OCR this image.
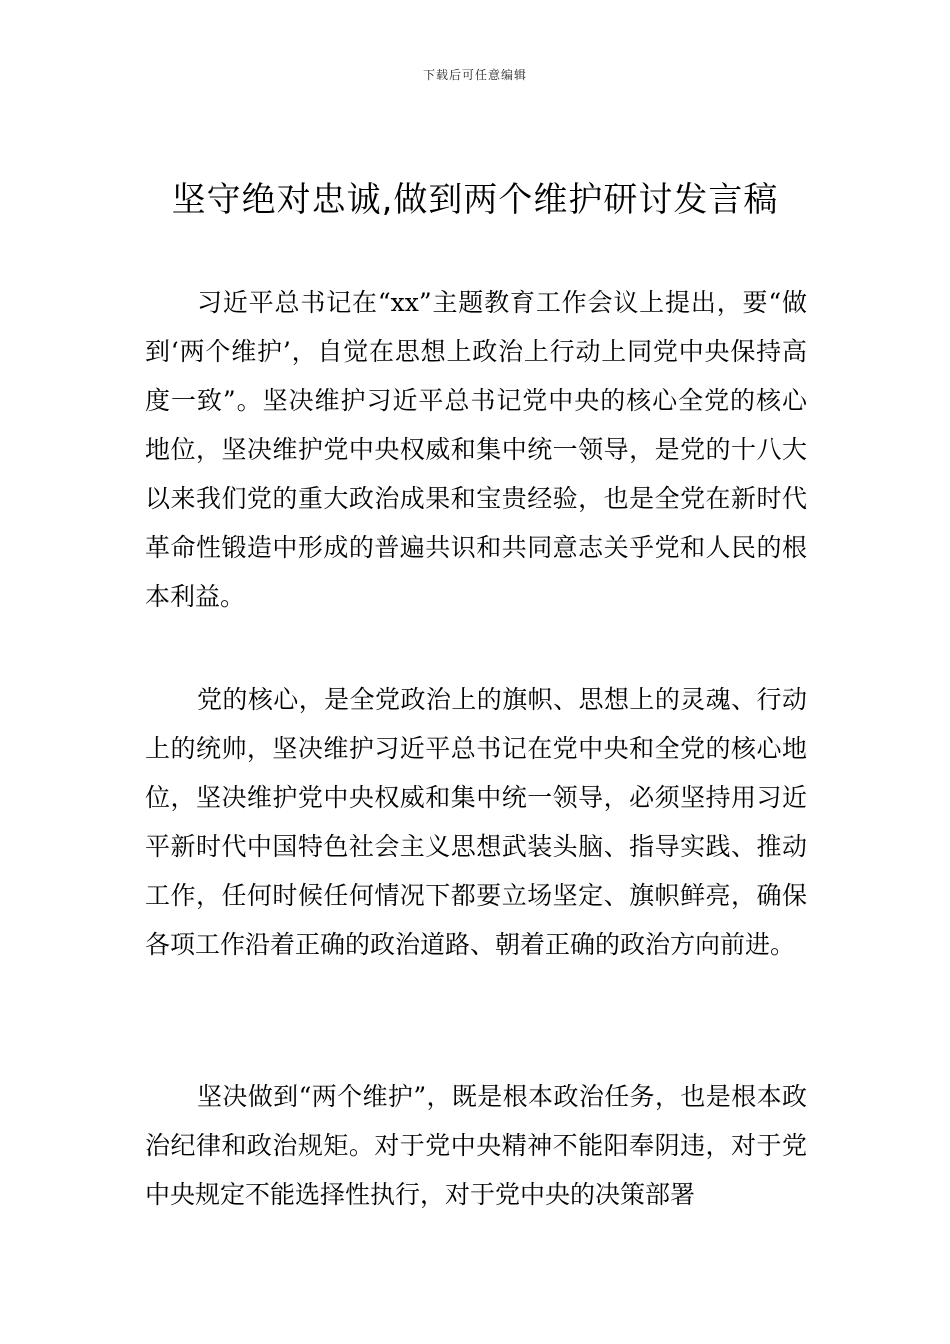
下载后可任意编辑
坚守绝对忠诚,做到两个维护研讨发言稿

习近平总书记在“xx”主题教育工作会议上提出，要“做到‘两个维护’，自觉在思想上政治上行动上同党中央保持高度一致”。坚决维护习近平总书记党中央的核心全党的核心地位，坚决维护党中央权威和集中统一领导，是党的十八大以来我们党的重大政治成果和宝贵经验，也是全党在新时代革命性锻造中形成的普遍共识和共同意志关乎党和人民的根本利益。

党的核心，是全党政治上的旗帜、思想上的灵魂、行动上的统帅，坚决维护习近平总书记在党中央和全党的核心地位，坚决维护党中央权威和集中统一领导，必须坚持用习近平新时代中国特色社会主义思想武装头脑、指导实践、推动工作，任何时候任何情况下都要立场坚定、旗帜鲜亮，确保各项工作沿着正确的政治道路、朝着正确的政治方向前进。

坚决做到“两个维护”，既是根本政治任务，也是根本政治纪律和政治规矩。对于党中央精神不能阳奉阴违，对于党中央规定不能选择性执行，对于党中央的决策部署
